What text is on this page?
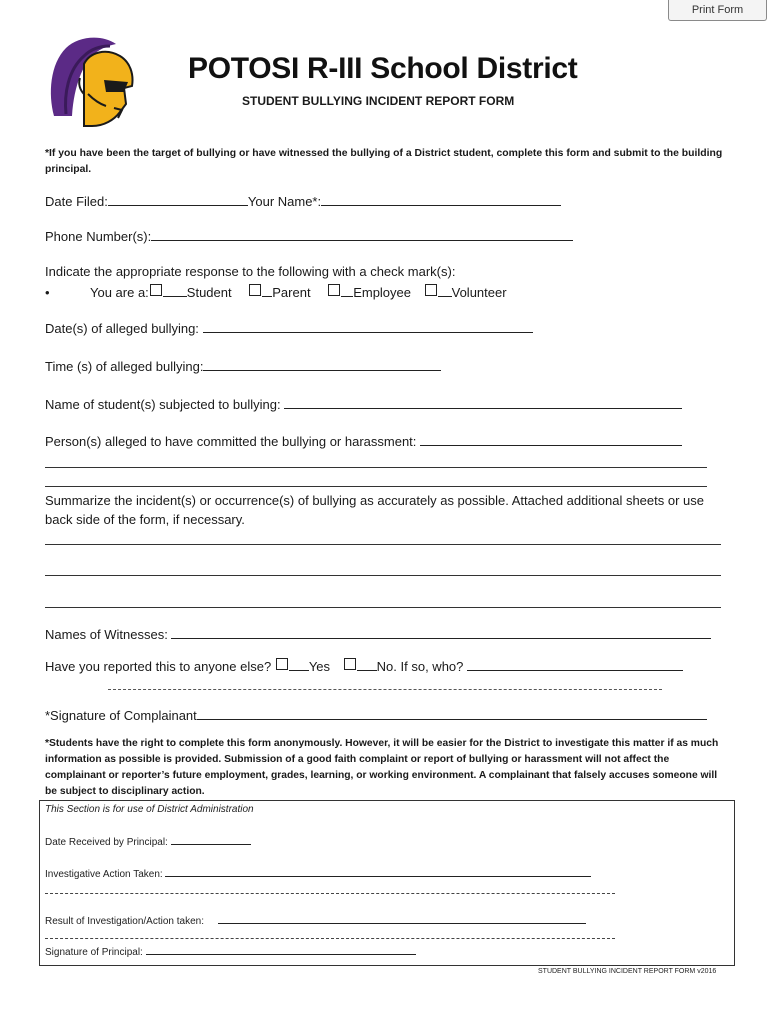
Print Form
POTOSI R-III School District
STUDENT BULLYING INCIDENT REPORT FORM
*If you have been the target of bullying or have witnessed the bullying of a District student, complete this form and submit to the building principal.
Date Filed:	Your Name*:
Phone Number(s):
Indicate the appropriate response to the following with a check mark(s):
•	You are a:	Student	Parent	Employee	Volunteer
Date(s) of alleged bullying:
Time (s) of alleged bullying:
Name of student(s) subjected to bullying:
Person(s) alleged to have committed the bullying or harassment:
Summarize the incident(s) or occurrence(s) of bullying as accurately as possible. Attached additional sheets or use back side of the form, if necessary.
Names of Witnesses:
Have you reported this to anyone else?	Yes	No. If so, who?
*Signature of Complainant
*Students have the right to complete this form anonymously. However, it will be easier for the District to investigate this matter if as much information as possible is provided. Submission of a good faith complaint or report of bullying or harassment will not affect the complainant or reporter’s future employment, grades, learning, or working environment. A complainant that falsely accuses someone will be subject to disciplinary action.
This Section is for use of District Administration
Date Received by Principal:
Investigative Action Taken:
Result of Investigation/Action taken:
Signature of Principal:
STUDENT BULLYING INCIDENT REPORT FORM v2016
